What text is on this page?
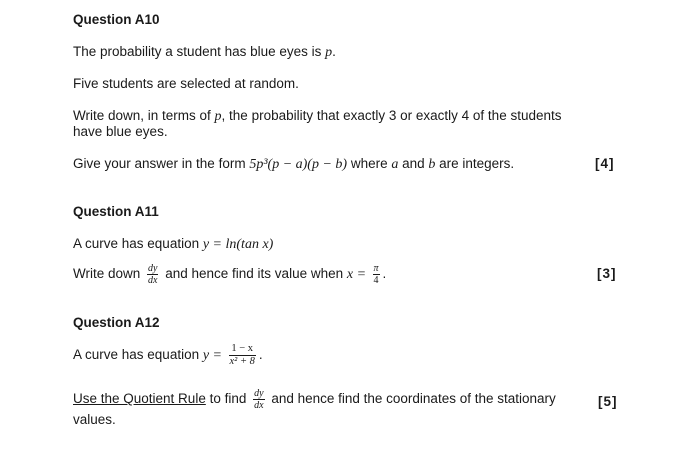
Question A10
The probability a student has blue eyes is p.
Five students are selected at random.
Write down, in terms of p, the probability that exactly 3 or exactly 4 of the students
have blue eyes.
Give your answer in the form 5p³(p − a)(p − b) where a and b are integers.	[4]
Question A11
A curve has equation y = ln(tan x)
Write down $\frac{dy}{dx}$ and hence find its value when $x = \frac{\pi}{4}$ .	[3]
Question A12
A curve has equation $y = \frac{1 - x}{\text{x² + 8}}$ .
Use the Quotient Rule to find $\frac{dy}{dx}$ and hence find the coordinates of the stationary
values.
[5]
